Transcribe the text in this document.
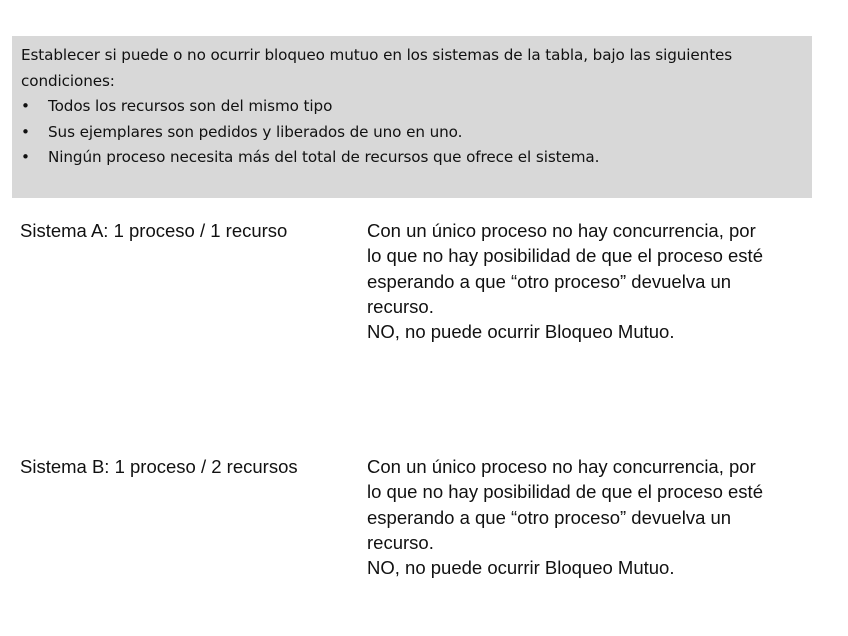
Establecer si puede o no ocurrir bloqueo mutuo en los sistemas de la tabla, bajo las siguientes condiciones:

• Todos los recursos son del mismo tipo
• Sus ejemplares son pedidos y liberados de uno en uno.
• Ningún proceso necesita más del total de recursos que ofrece el sistema.
Sistema A: 1 proceso / 1 recurso	Con un único proceso no hay concurrencia, por
lo que no hay posibilidad de que el proceso esté
esperando a que “otro proceso” devuelva un
recurso.
NO, no puede ocurrir Bloqueo Mutuo.
Sistema B: 1 proceso / 2 recursos	Con un único proceso no hay concurrencia, por
lo que no hay posibilidad de que el proceso esté
esperando a que “otro proceso” devuelva un
recurso.
NO, no puede ocurrir Bloqueo Mutuo.
